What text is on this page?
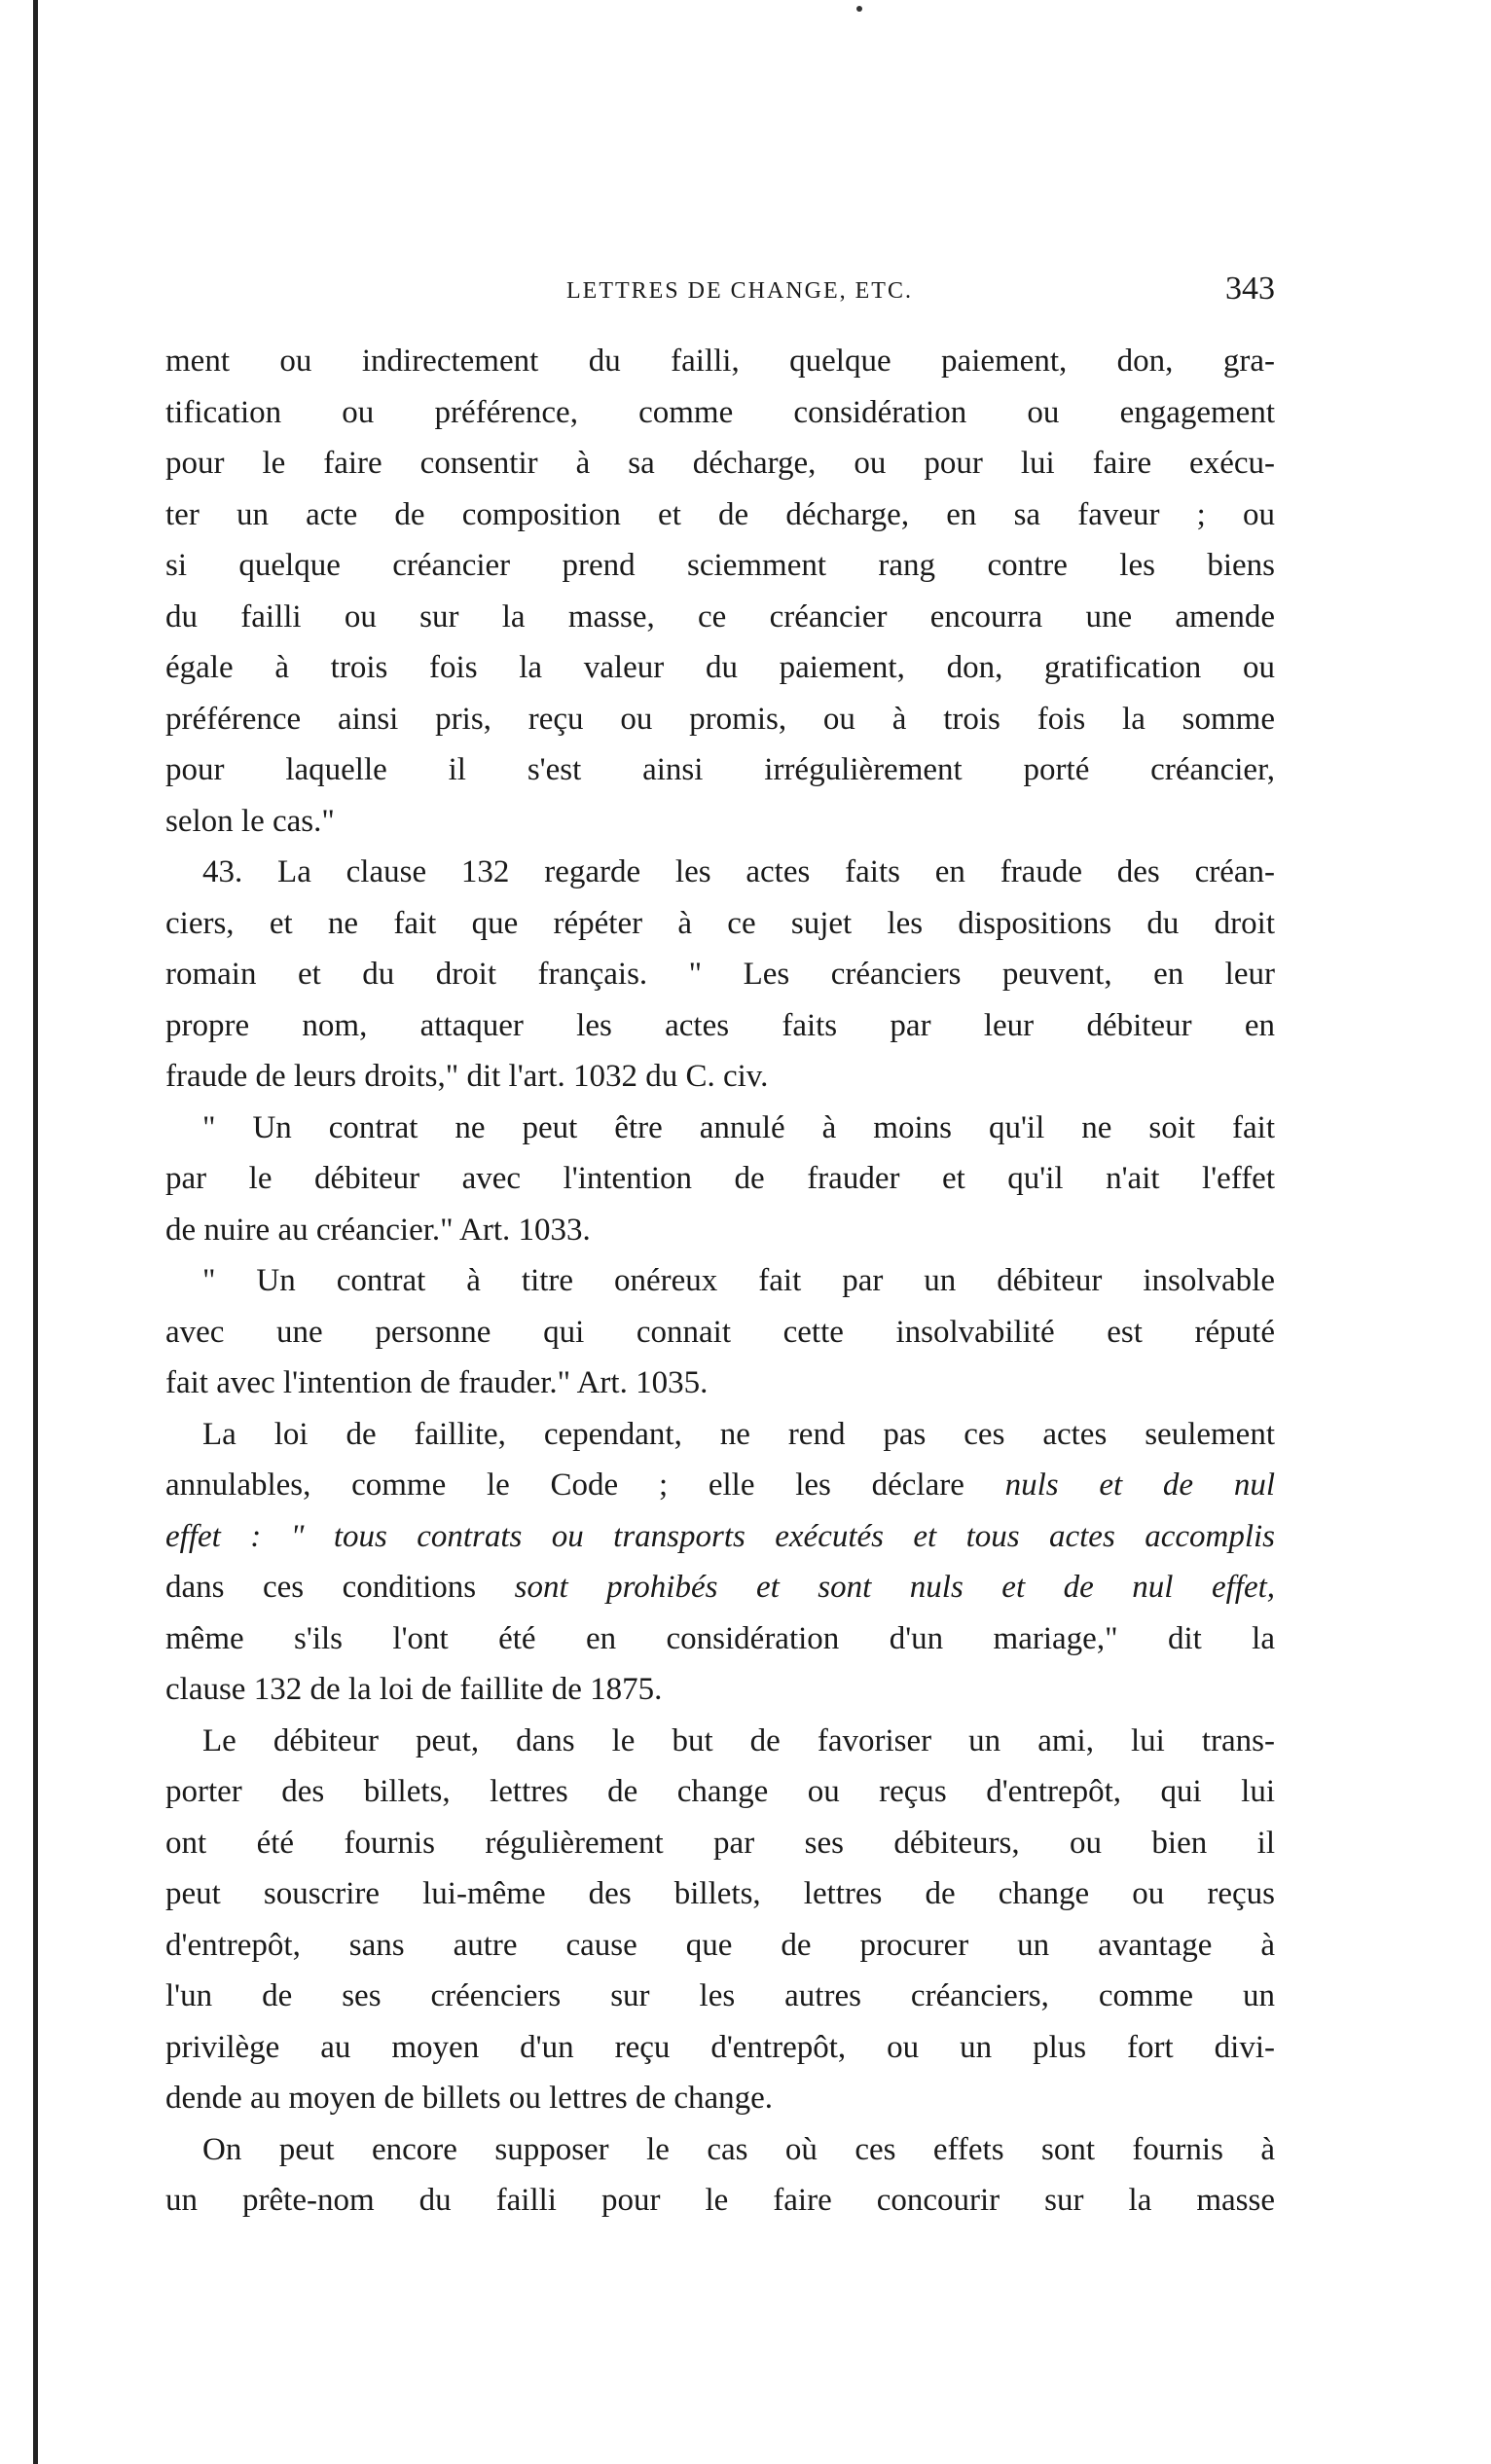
LETTRES DE CHANGE, ETC.	343

ment ou indirectement du failli, quelque paiement, don, gra-
tification ou préférence, comme considération ou engagement
pour le faire consentir à sa décharge, ou pour lui faire exécu-
ter un acte de composition et de décharge, en sa faveur ; ou
si quelque créancier prend sciemment rang contre les biens
du failli ou sur la masse, ce créancier encourra une amende
égale à trois fois la valeur du paiement, don, gratification ou
préférence ainsi pris, reçu ou promis, ou à trois fois la somme
pour laquelle il s'est ainsi irrégulièrement porté créancier,
selon le cas."

43. La clause 132 regarde les actes faits en fraude des créan-
ciers, et ne fait que répéter à ce sujet les dispositions du droit
romain et du droit français. " Les créanciers peuvent, en leur
propre nom, attaquer les actes faits par leur débiteur en
fraude de leurs droits," dit l'art. 1032 du C. civ.

" Un contrat ne peut être annulé à moins qu'il ne soit fait
par le débiteur avec l'intention de frauder et qu'il n'ait l'effet
de nuire au créancier." Art. 1033.

" Un contrat à titre onéreux fait par un débiteur insolvable
avec une personne qui connait cette insolvabilité est réputé
fait avec l'intention de frauder." Art. 1035.

La loi de faillite, cependant, ne rend pas ces actes seulement
annulables, comme le Code ; elle les déclare nuls et de nul
effet : " tous contrats ou transports exécutés et tous actes accomplis
dans ces conditions sont prohibés et sont nuls et de nul effet,
même s'ils l'ont été en considération d'un mariage," dit la
clause 132 de la loi de faillite de 1875.

Le débiteur peut, dans le but de favoriser un ami, lui trans-
porter des billets, lettres de change ou reçus d'entrepôt, qui lui
ont été fournis régulièrement par ses débiteurs, ou bien il
peut souscrire lui-même des billets, lettres de change ou reçus
d'entrepôt, sans autre cause que de procurer un avantage à
l'un de ses créenciers sur les autres créanciers, comme un
privilège au moyen d'un reçu d'entrepôt, ou un plus fort divi-
dende au moyen de billets ou lettres de change.

On peut encore supposer le cas où ces effets sont fournis à
un prête-nom du failli pour le faire concourir sur la masse
